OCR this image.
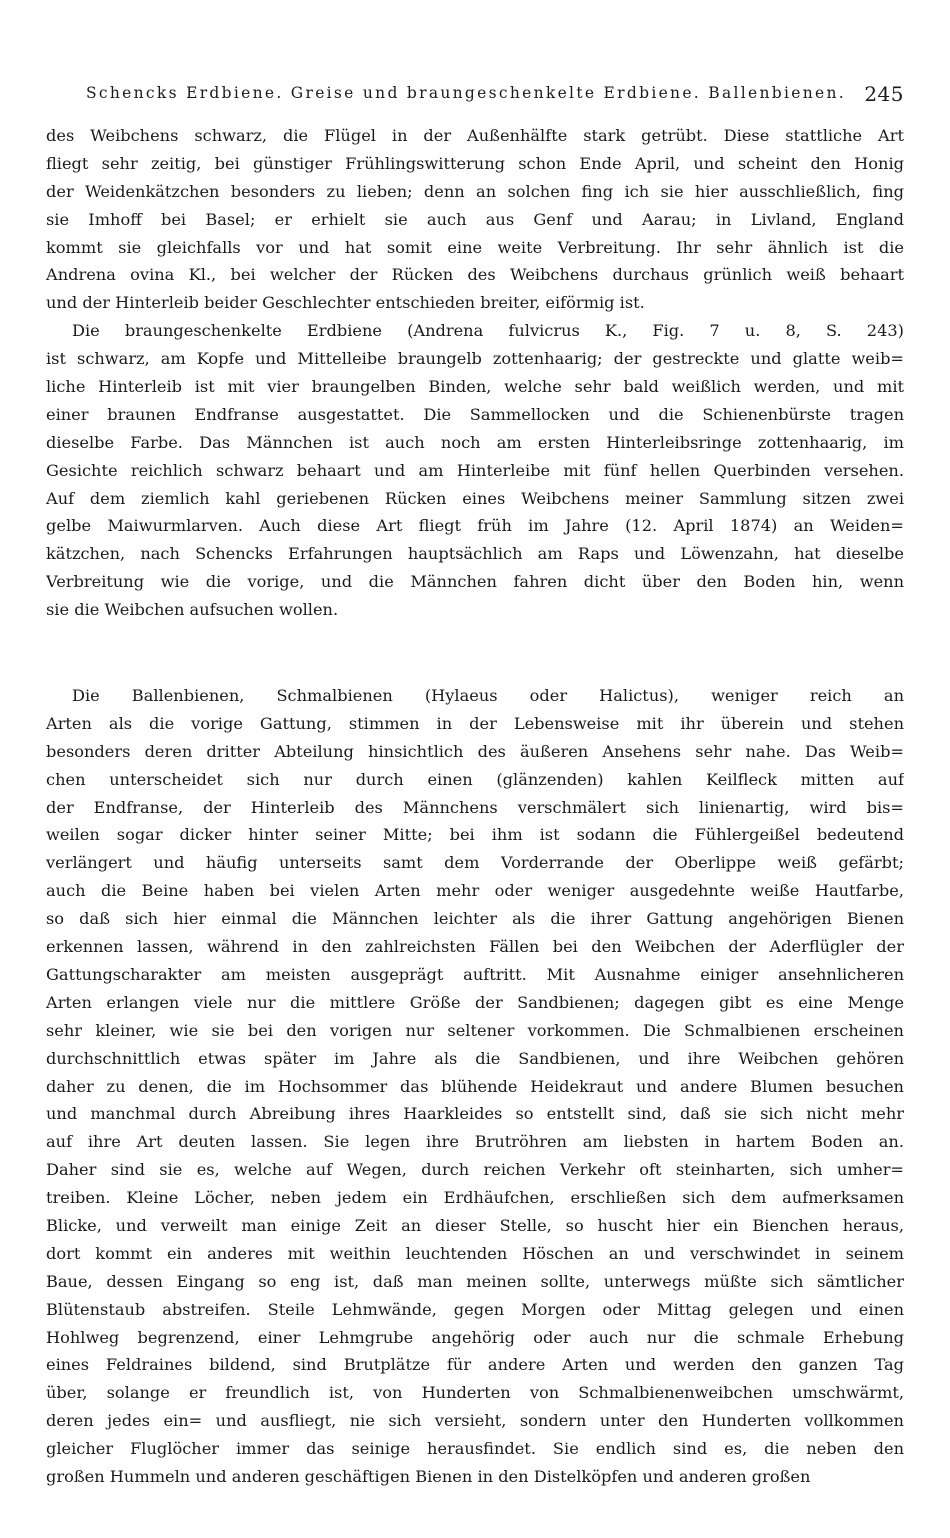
Schencks Erdbiene. Greise und braungeschenkelte Erdbiene. Ballenbienen. 245
des Weibchens schwarz, die Flügel in der Außenhälfte stark getrübt. Diese stattliche Art
fliegt sehr zeitig, bei günstiger Frühlingswitterung schon Ende April, und scheint den Honig
der Weidenkätzchen besonders zu lieben; denn an solchen fing ich sie hier ausschließlich, fing
sie Imhoff bei Basel; er erhielt sie auch aus Genf und Aarau; in Livland, England
kommt sie gleichfalls vor und hat somit eine weite Verbreitung. Ihr sehr ähnlich ist die
Andrena ovina Kl., bei welcher der Rücken des Weibchens durchaus grünlich weiß behaart
und der Hinterleib beider Geschlechter entschieden breiter, eiförmig ist.
Die braungeschenkelte Erdbiene (Andrena fulvicrus K., Fig. 7 u. 8, S. 243)
ist schwarz, am Kopfe und Mittelleibe braungelb zottenhaarig; der gestreckte und glatte weib=
liche Hinterleib ist mit vier braungelben Binden, welche sehr bald weißlich werden, und mit
einer braunen Endfranse ausgestattet. Die Sammellocken und die Schienenbürste tragen
dieselbe Farbe. Das Männchen ist auch noch am ersten Hinterleibsringe zottenhaarig, im
Gesichte reichlich schwarz behaart und am Hinterleibe mit fünf hellen Querbinden versehen.
Auf dem ziemlich kahl geriebenen Rücken eines Weibchens meiner Sammlung sitzen zwei
gelbe Maiwurmlarven. Auch diese Art fliegt früh im Jahre (12. April 1874) an Weiden=
kätzchen, nach Schencks Erfahrungen hauptsächlich am Raps und Löwenzahn, hat dieselbe
Verbreitung wie die vorige, und die Männchen fahren dicht über den Boden hin, wenn
sie die Weibchen aufsuchen wollen.
Die Ballenbienen, Schmalbienen (Hylaeus oder Halictus), weniger reich an
Arten als die vorige Gattung, stimmen in der Lebensweise mit ihr überein und stehen
besonders deren dritter Abteilung hinsichtlich des äußeren Ansehens sehr nahe. Das Weib=
chen unterscheidet sich nur durch einen (glänzenden) kahlen Keilfleck mitten auf
der Endfranse, der Hinterleib des Männchens verschmälert sich linienartig, wird bis=
weilen sogar dicker hinter seiner Mitte; bei ihm ist sodann die Fühlergeißel bedeutend
verlängert und häufig unterseits samt dem Vorderrande der Oberlippe weiß gefärbt;
auch die Beine haben bei vielen Arten mehr oder weniger ausgedehnte weiße Hautfarbe,
so daß sich hier einmal die Männchen leichter als die ihrer Gattung angehörigen Bienen
erkennen lassen, während in den zahlreichsten Fällen bei den Weibchen der Aderflügler der
Gattungscharakter am meisten ausgeprägt auftritt. Mit Ausnahme einiger ansehnlicheren
Arten erlangen viele nur die mittlere Größe der Sandbienen; dagegen gibt es eine Menge
sehr kleiner, wie sie bei den vorigen nur seltener vorkommen. Die Schmalbienen erscheinen
durchschnittlich etwas später im Jahre als die Sandbienen, und ihre Weibchen gehören
daher zu denen, die im Hochsommer das blühende Heidekraut und andere Blumen besuchen
und manchmal durch Abreibung ihres Haarkleides so entstellt sind, daß sie sich nicht mehr
auf ihre Art deuten lassen. Sie legen ihre Brutröhren am liebsten in hartem Boden an.
Daher sind sie es, welche auf Wegen, durch reichen Verkehr oft steinharten, sich umher=
treiben. Kleine Löcher, neben jedem ein Erdhäufchen, erschließen sich dem aufmerksamen
Blicke, und verweilt man einige Zeit an dieser Stelle, so huscht hier ein Bienchen heraus,
dort kommt ein anderes mit weithin leuchtenden Höschen an und verschwindet in seinem
Baue, dessen Eingang so eng ist, daß man meinen sollte, unterwegs müßte sich sämtlicher
Blütenstaub abstreifen. Steile Lehmwände, gegen Morgen oder Mittag gelegen und einen
Hohlweg begrenzend, einer Lehmgrube angehörig oder auch nur die schmale Erhebung
eines Feldraines bildend, sind Brutplätze für andere Arten und werden den ganzen Tag
über, solange er freundlich ist, von Hunderten von Schmalbienenweibchen umschwärmt,
deren jedes ein= und ausfliegt, nie sich versieht, sondern unter den Hunderten vollkommen
gleicher Fluglöcher immer das seinige herausfindet. Sie endlich sind es, die neben den
großen Hummeln und anderen geschäftigen Bienen in den Distelköpfen und anderen großen
